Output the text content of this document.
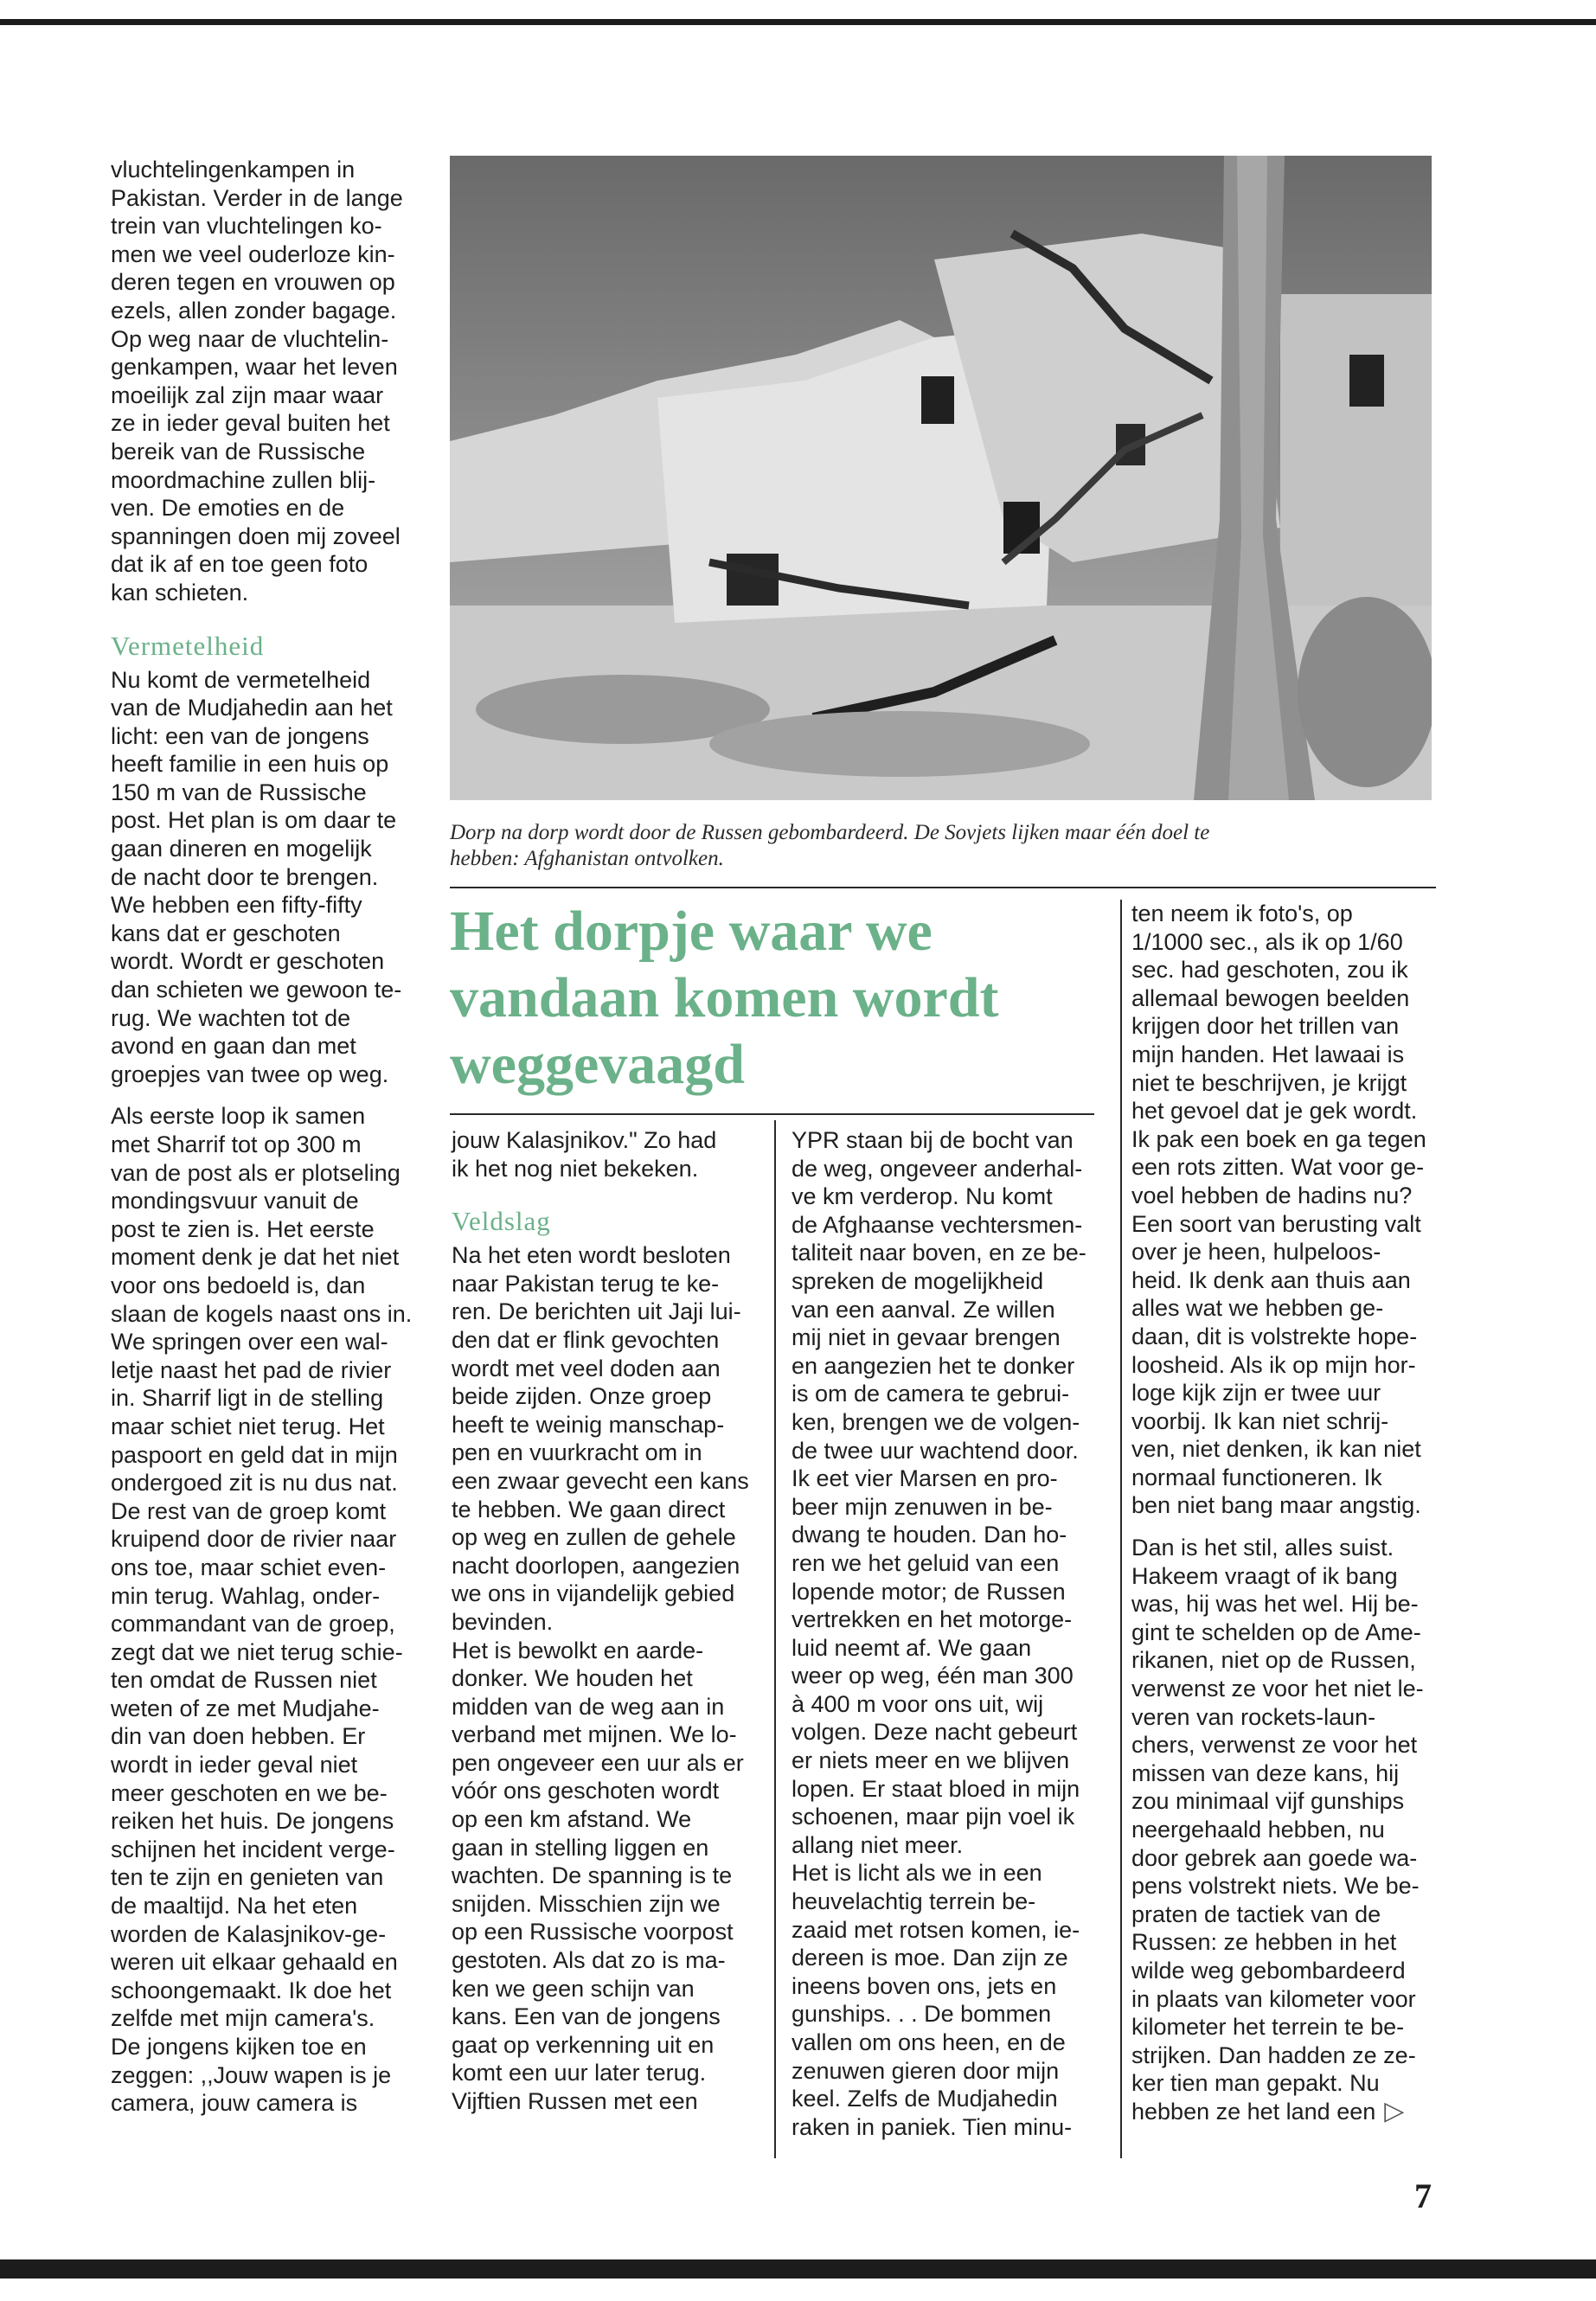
vluchtelingenkampen in
Pakistan. Verder in de lange
trein van vluchtelingen ko-
men we veel ouderloze kin-
deren tegen en vrouwen op
ezels, allen zonder bagage.
Op weg naar de vluchtelin-
genkampen, waar het leven
moeilijk zal zijn maar waar
ze in ieder geval buiten het
bereik van de Russische
moordmachine zullen blij-
ven. De emoties en de
spanningen doen mij zoveel
dat ik af en toe geen foto
kan schieten.

Vermetelheid

Nu komt de vermetelheid
van de Mudjahedin aan het
licht: een van de jongens
heeft familie in een huis op
150 m van de Russische
post. Het plan is om daar te
gaan dineren en mogelijk
de nacht door te brengen.
We hebben een fifty-fifty
kans dat er geschoten
wordt. Wordt er geschoten
dan schieten we gewoon te-
rug. We wachten tot de
avond en gaan dan met
groepjes van twee op weg.

Als eerste loop ik samen
met Sharrif tot op 300 m
van de post als er plotseling
mondingsvuur vanuit de
post te zien is. Het eerste
moment denk je dat het niet
voor ons bedoeld is, dan
slaan de kogels naast ons in.
We springen over een wal-
letje naast het pad de rivier
in. Sharrif ligt in de stelling
maar schiet niet terug. Het
paspoort en geld dat in mijn
ondergoed zit is nu dus nat.
De rest van de groep komt
kruipend door de rivier naar
ons toe, maar schiet even-
min terug. Wahlag, onder-
commandant van de groep,
zegt dat we niet terug schie-
ten omdat de Russen niet
weten of ze met Mudjahe-
din van doen hebben. Er
wordt in ieder geval niet
meer geschoten en we be-
reiken het huis. De jongens
schijnen het incident verge-
ten te zijn en genieten van
de maaltijd. Na het eten
worden de Kalasjnikov-ge-
weren uit elkaar gehaald en
schoongemaakt. Ik doe het
zelfde met mijn camera's.
De jongens kijken toe en
zeggen: ,,Jouw wapen is je
camera, jouw camera is

Dorp na dorp wordt door de Russen gebombardeerd. De Sovjets lijken maar één doel te
hebben: Afghanistan ontvolken.
Het dorpje waar we
vandaan komen wordt
weggevaagd

jouw Kalasjnikov." Zo had
ik het nog niet bekeken.

Veldslag

Na het eten wordt besloten
naar Pakistan terug te ke-
ren. De berichten uit Jaji lui-
den dat er flink gevochten
wordt met veel doden aan
beide zijden. Onze groep
heeft te weinig manschap-
pen en vuurkracht om in
een zwaar gevecht een kans
te hebben. We gaan direct
op weg en zullen de gehele
nacht doorlopen, aangezien
we ons in vijandelijk gebied
bevinden.
Het is bewolkt en aarde-
donker. We houden het
midden van de weg aan in
verband met mijnen. We lo-
pen ongeveer een uur als er
vóór ons geschoten wordt
op een km afstand. We
gaan in stelling liggen en
wachten. De spanning is te
snijden. Misschien zijn we
op een Russische voorpost
gestoten. Als dat zo is ma-
ken we geen schijn van
kans. Een van de jongens
gaat op verkenning uit en
komt een uur later terug.
Vijftien Russen met een

YPR staan bij de bocht van
de weg, ongeveer anderhal-
ve km verderop. Nu komt
de Afghaanse vechtersmen-
taliteit naar boven, en ze be-
spreken de mogelijkheid
van een aanval. Ze willen
mij niet in gevaar brengen
en aangezien het te donker
is om de camera te gebrui-
ken, brengen we de volgen-
de twee uur wachtend door.
Ik eet vier Marsen en pro-
beer mijn zenuwen in be-
dwang te houden. Dan ho-
ren we het geluid van een
lopende motor; de Russen
vertrekken en het motorge-
luid neemt af. We gaan
weer op weg, één man 300
à 400 m voor ons uit, wij
volgen. Deze nacht gebeurt
er niets meer en we blijven
lopen. Er staat bloed in mijn
schoenen, maar pijn voel ik
allang niet meer.
Het is licht als we in een
heuvelachtig terrein be-
zaaid met rotsen komen, ie-
dereen is moe. Dan zijn ze
ineens boven ons, jets en
gunships. . . De bommen
vallen om ons heen, en de
zenuwen gieren door mijn
keel. Zelfs de Mudjahedin
raken in paniek. Tien minu-

ten neem ik foto's, op
1/1000 sec., als ik op 1/60
sec. had geschoten, zou ik
allemaal bewogen beelden
krijgen door het trillen van
mijn handen. Het lawaai is
niet te beschrijven, je krijgt
het gevoel dat je gek wordt.
Ik pak een boek en ga tegen
een rots zitten. Wat voor ge-
voel hebben de hadins nu?
Een soort van berusting valt
over je heen, hulpeloos-
heid. Ik denk aan thuis aan
alles wat we hebben ge-
daan, dit is volstrekte hope-
loosheid. Als ik op mijn hor-
loge kijk zijn er twee uur
voorbij. Ik kan niet schrij-
ven, niet denken, ik kan niet
normaal functioneren. Ik
ben niet bang maar angstig.

Dan is het stil, alles suist.
Hakeem vraagt of ik bang
was, hij was het wel. Hij be-
gint te schelden op de Ame-
rikanen, niet op de Russen,
verwenst ze voor het niet le-
veren van rockets-laun-
chers, verwenst ze voor het
missen van deze kans, hij
zou minimaal vijf gunships
neergehaald hebben, nu
door gebrek aan goede wa-
pens volstrekt niets. We be-
praten de tactiek van de
Russen: ze hebben in het
wilde weg gebombardeerd
in plaats van kilometer voor
kilometer het terrein te be-
strijken. Dan hadden ze ze-
ker tien man gepakt. Nu
hebben ze het land een ▷

7
